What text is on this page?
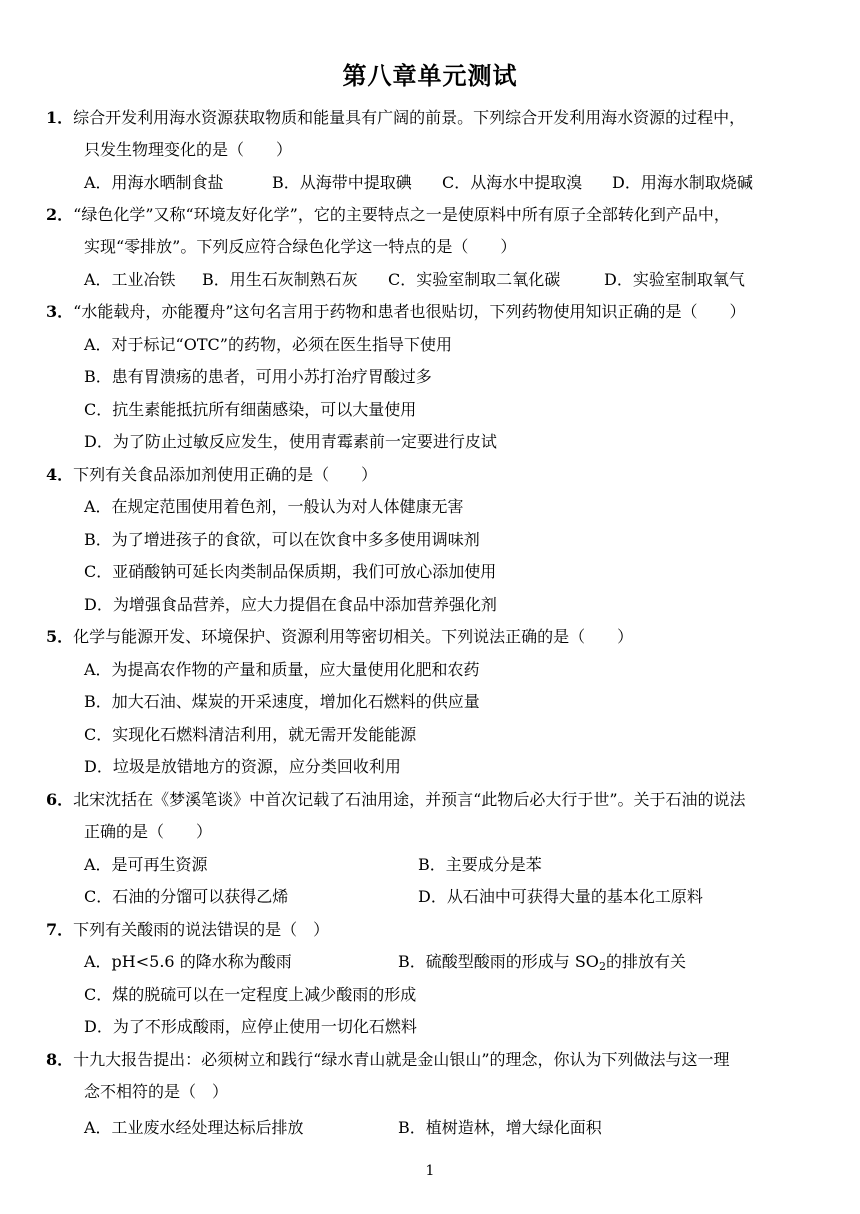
第八章单元测试
1．综合开发利用海水资源获取物质和能量具有广阔的前景。下列综合开发利用海水资源的过程中，
只发生物理变化的是（　　）
A．用海水晒制食盐	B．从海带中提取碘 C．从海水中提取溴 D．用海水制取烧碱
2．“绿色化学”又称“环境友好化学”，它的主要特点之一是使原料中所有原子全部转化到产品中，
实现“零排放”。下列反应符合绿色化学这一特点的是（　　）
A．工业冶铁 B．用生石灰制熟石灰 C．实验室制取二氧化碳	D．实验室制取氧气
3．“水能载舟，亦能覆舟”这句名言用于药物和患者也很贴切，下列药物使用知识正确的是（　　）
A．对于标记“OTC”的药物，必须在医生指导下使用
B．患有胃溃疡的患者，可用小苏打治疗胃酸过多
C．抗生素能抵抗所有细菌感染，可以大量使用
D．为了防止过敏反应发生，使用青霉素前一定要进行皮试
4．下列有关食品添加剂使用正确的是（　　）
A．在规定范围使用着色剂，一般认为对人体健康无害
B．为了增进孩子的食欲，可以在饮食中多多使用调味剂
C．亚硝酸钠可延长肉类制品保质期，我们可放心添加使用
D．为增强食品营养，应大力提倡在食品中添加营养强化剂
5．化学与能源开发、环境保护、资源利用等密切相关。下列说法正确的是（　　）
A．为提高农作物的产量和质量，应大量使用化肥和农药
B．加大石油、煤炭的开采速度，增加化石燃料的供应量
C．实现化石燃料清洁利用，就无需开发能能源
D．垃圾是放错地方的资源，应分类回收利用
6．北宋沈括在《梦溪笔谈》中首次记载了石油用途，并预言“此物后必大行于世”。关于石油的说法
正确的是（　　）
A．是可再生资源	B．主要成分是苯
C．石油的分馏可以获得乙烯	D．从石油中可获得大量的基本化工原料
7．下列有关酸雨的说法错误的是（　）
A．pH<5.6 的降水称为酸雨	B．硫酸型酸雨的形成与 $SO_2$的排放有关
C．煤的脱硫可以在一定程度上减少酸雨的形成
D．为了不形成酸雨，应停止使用一切化石燃料
8．十九大报告提出：必须树立和践行“绿水青山就是金山银山”的理念，你认为下列做法与这一理
念不相符的是（　）
A．工业废水经处理达标后排放	B．植树造林，增大绿化面积
1
